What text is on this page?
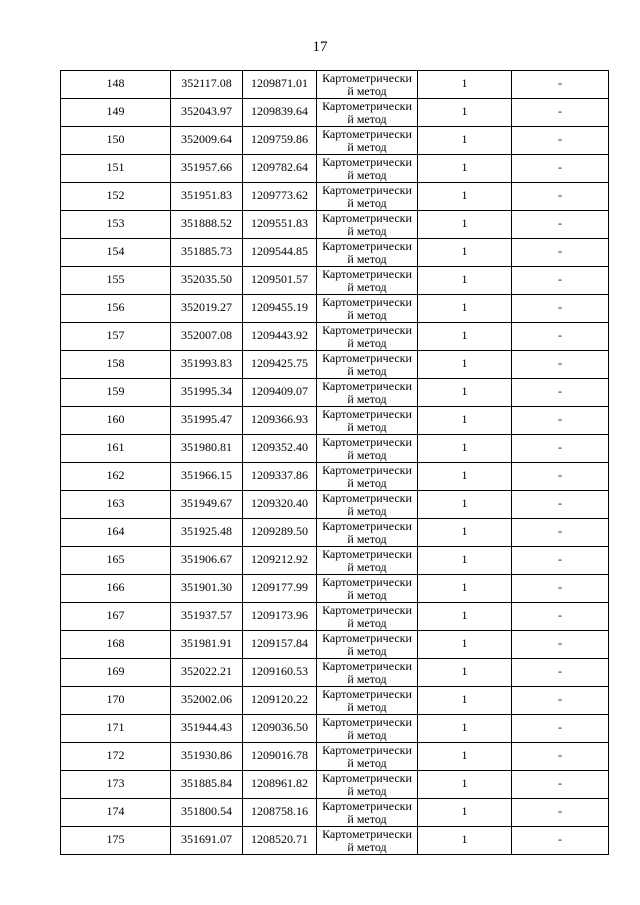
17
148	352117.08	1209871.01	Картометрически
й метод	1	-

149	352043.97	1209839.64	Картометрически
й метод	1	-

150	352009.64	1209759.86	Картометрически
й метод	1	-

151	351957.66	1209782.64	Картометрически
й метод	1	-

152	351951.83	1209773.62	Картометрически
й метод	1	-

153	351888.52	1209551.83	Картометрически
й метод	1	-

154	351885.73	1209544.85	Картометрически
й метод	1	-

155	352035.50	1209501.57	Картометрически
й метод	1	-

156	352019.27	1209455.19	Картометрически
й метод	1	-

157	352007.08	1209443.92	Картометрически
й метод	1	-

158	351993.83	1209425.75	Картометрически
й метод	1	-

159	351995.34	1209409.07	Картометрически
й метод	1	-

160	351995.47	1209366.93	Картометрически
й метод	1	-

161	351980.81	1209352.40	Картометрически
й метод	1	-

162	351966.15	1209337.86	Картометрически
й метод	1	-

163	351949.67	1209320.40	Картометрически
й метод	1	-

164	351925.48	1209289.50	Картометрически
й метод	1	-

165	351906.67	1209212.92	Картометрически
й метод	1	-

166	351901.30	1209177.99	Картометрически
й метод	1	-

167	351937.57	1209173.96	Картометрически
й метод	1	-

168	351981.91	1209157.84	Картометрически
й метод	1	-

169	352022.21	1209160.53	Картометрически
й метод	1	-

170	352002.06	1209120.22	Картометрически
й метод	1	-

171	351944.43	1209036.50	Картометрически
й метод	1	-

172	351930.86	1209016.78	Картометрически
й метод	1	-

173	351885.84	1208961.82	Картометрически
й метод	1	-

174	351800.54	1208758.16	Картометрически
й метод	1	-

175	351691.07	1208520.71	Картометрически
й метод	1	-
